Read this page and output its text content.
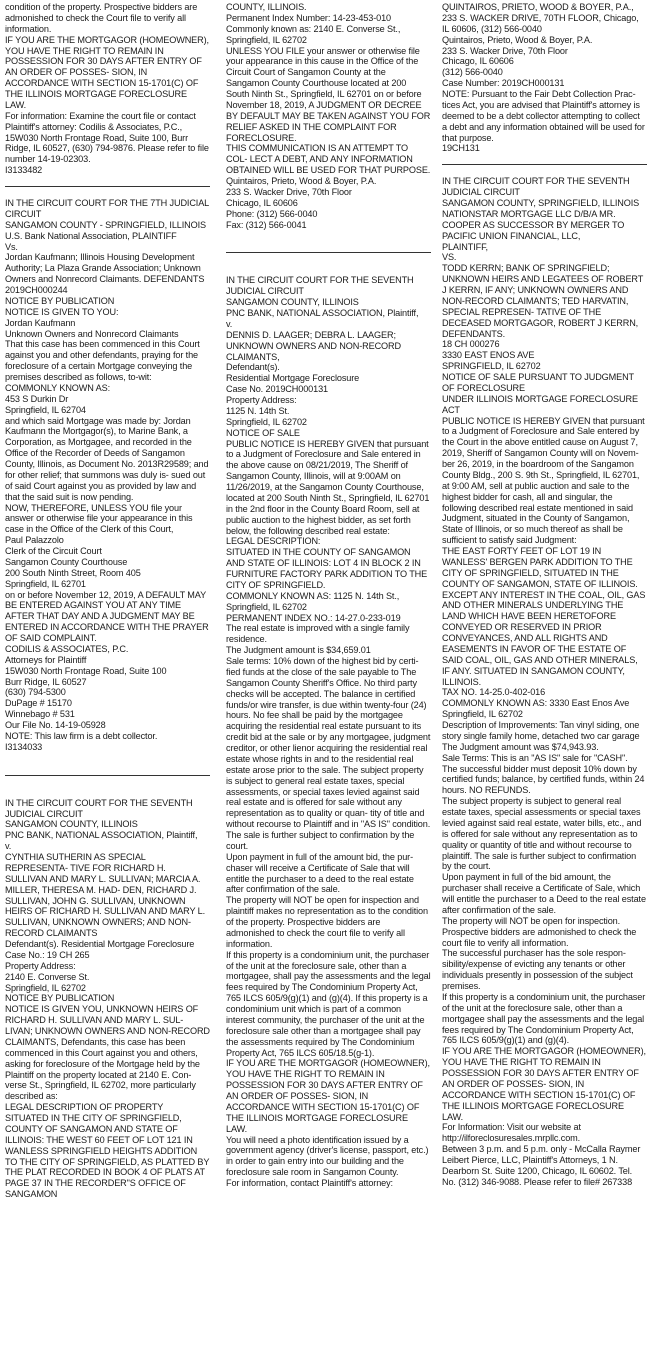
condition of the property. Prospective bidders are admonished to check the Court file to verify all information.

IF YOU ARE THE MORTGAGOR (HOMEOWNER), YOU HAVE THE RIGHT TO REMAIN IN POSSESSION FOR 30 DAYS AFTER ENTRY OF AN ORDER OF POSSES- SION, IN ACCORDANCE WITH SECTION 15-1701(C) OF THE ILLINOIS MORTGAGE FORECLOSURE LAW.

For information: Examine the court file or contact Plaintiff's attorney: Codilis & Associates, P.C., 15W030 North Frontage Road, Suite 100, Burr Ridge, IL 60527, (630) 794-9876. Please refer to file number 14-19-02303.

I3133482

IN THE CIRCUIT COURT FOR THE 7TH JUDICIAL CIRCUIT

SANGAMON COUNTY - SPRINGFIELD, ILLINOIS

U.S. Bank National Association, PLAINTIFF

Vs.

Jordan Kaufmann; Illinois Housing Development Authority; La Plaza Grande Association; Unknown Owners and Nonrecord Claimants. DEFENDANTS

2019CH000244

NOTICE BY PUBLICATION

NOTICE IS GIVEN TO YOU:

Jordan Kaufmann

Unknown Owners and Nonrecord Claimants

That this case has been commenced in this Court against you and other defendants, praying for the foreclosure of a certain Mortgage conveying the premises described as follows, to-wit:

COMMONLY KNOWN AS:

453 S Durkin Dr

Springfield, IL 62704

and which said Mortgage was made by: Jordan Kaufmann the Mortgagor(s), to Marine Bank, a Corporation, as Mortgagee, and recorded in the Office of the Recorder of Deeds of Sangamon County, Illinois, as Document No. 2013R29589; and for other relief; that summons was duly is- sued out of said Court against you as provided by law and that the said suit is now pending.

NOW, THEREFORE, UNLESS YOU file your answer or otherwise file your appearance in this case in the Office of the Clerk of this Court,

Paul Palazzolo

Clerk of the Circuit Court

Sangamon County Courthouse

200 South Ninth Street, Room 405

Springfield, IL 62701

on or before November 12, 2019, A DEFAULT MAY BE ENTERED AGAINST YOU AT ANY TIME AFTER THAT DAY AND A JUDGMENT MAY BE ENTERED IN ACCORDANCE WITH THE PRAYER OF SAID COMPLAINT.

CODILIS & ASSOCIATES, P.C.

Attorneys for Plaintiff

15W030 North Frontage Road, Suite 100

Burr Ridge, IL 60527

(630) 794-5300

DuPage # 15170

Winnebago # 531

Our File No. 14-19-05928

NOTE: This law firm is a debt collector.

I3134033

IN THE CIRCUIT COURT FOR THE SEVENTH JUDICIAL CIRCUIT

SANGAMON COUNTY, ILLINOIS

PNC BANK, NATIONAL ASSOCIATION, Plaintiff,

v.

CYNTHIA SUTHERIN AS SPECIAL REPRESENTA- TIVE FOR RICHARD H. SULLIVAN AND MARY L. SULLIVAN; MARCIA A. MILLER, THERESA M. HAD- DEN, RICHARD J. SULLIVAN, JOHN G. SULLIVAN, UNKNOWN HEIRS OF RICHARD H. SULLIVAN AND MARY L. SULLIVAN, UNKNOWN OWNERS; AND NON-RECORD CLAIMANTS

Defendant(s). Residential Mortgage Foreclosure

Case No.: 19 CH 265

Property Address:

2140 E. Converse St.

Springfield, IL 62702

NOTICE BY PUBLICATION

NOTICE IS GIVEN YOU, UNKNOWN HEIRS OF RICHARD H. SULLIVAN AND MARY L. SUL- LIVAN; UNKNOWN OWNERS AND NON-RECORD CLAIMANTS, Defendants, this case has been commenced in this Court against you and others, asking for foreclosure of the Mortgage held by the Plaintiff on the property located at 2140 E. Con- verse St., Springfield, IL 62702, more particularly described as:

LEGAL DESCRIPTION OF PROPERTY

SITUATED IN THE CITY OF SPRINGFIELD, COUNTY OF SANGAMON AND STATE OF ILLINOIS: THE WEST 60 FEET OF LOT 121 IN WANLESS SPRINGFIELD HEIGHTS ADDITION TO THE CITY OF SPRINGFIELD, AS PLATTED BY THE PLAT RECORDED IN BOOK 4 OF PLATS AT PAGE 37 IN THE RECORDER"S OFFICE OF SANGAMON

COUNTY, ILLINOIS.

Permanent Index Number: 14-23-453-010

Commonly known as: 2140 E. Converse St., Springfield, IL 62702

UNLESS YOU FILE your answer or otherwise file your appearance in this cause in the Office of the Circuit Court of Sangamon County at the Sangamon County Courthouse located at 200 South Ninth St., Springfield, IL 62701 on or before November 18, 2019, A JUDGMENT OR DECREE BY DEFAULT MAY BE TAKEN AGAINST YOU FOR RELIEF ASKED IN THE COMPLAINT FOR FORECLOSURE.

THIS COMMUNICATION IS AN ATTEMPT TO COL- LECT A DEBT, AND ANY INFORMATION OBTAINED WILL BE USED FOR THAT PURPOSE.

Quintairos, Prieto, Wood & Boyer, P.A.

233 S. Wacker Drive, 70th Floor

Chicago, IL 60606

Phone: (312) 566-0040

Fax: (312) 566-0041

IN THE CIRCUIT COURT FOR THE SEVENTH JUDICIAL CIRCUIT

SANGAMON COUNTY, ILLINOIS

PNC BANK, NATIONAL ASSOCIATION, Plaintiff,

v.

DENNIS D. LAAGER; DEBRA L. LAAGER; UNKNOWN OWNERS AND NON-RECORD CLAIMANTS,

Defendant(s).

Residential Mortgage Foreclosure

Case No. 2019CH000131

Property Address:

1125 N. 14th St.

Springfield, IL 62702

NOTICE OF SALE

PUBLIC NOTICE IS HEREBY GIVEN that pursuant to a Judgment of Foreclosure and Sale entered in the above cause on 08/21/2019, The Sheriff of Sangamon County, Illinois, will at 9:00AM on 11/26/2019, at the Sangamon County Courthouse, located at 200 South Ninth St., Springfield, IL 62701 in the 2nd floor in the County Board Room, sell at public auction to the highest bidder, as set forth below, the following described real estate:

LEGAL DESCRIPTION:

SITUATED IN THE COUNTY OF SANGAMON AND STATE OF ILLINOIS: LOT 4 IN BLOCK 2 IN FURNITURE FACTORY PARK ADDITION TO THE CITY OF SPRINGFIELD.

COMMONLY KNOWN AS: 1125 N. 14th St., Springfield, IL 62702

PERMANENT INDEX NO.: 14-27.0-233-019

The real estate is improved with a single family residence.

The Judgment amount is $34,659.01

Sale terms: 10% down of the highest bid by certi- fied funds at the close of the sale payable to The Sangamon County Sheriff's Office. No third party checks will be accepted. The balance in certified funds/or wire transfer, is due within twenty-four (24) hours. No fee shall be paid by the mortgagee acquiring the residential real estate pursuant to its credit bid at the sale or by any mortgagee, judgment creditor, or other lienor acquiring the residential real estate whose rights in and to the residential real estate arose prior to the sale. The subject property is subject to general real estate taxes, special assessments, or special taxes levied against said real estate and is offered for sale without any representation as to quality or quan- tity of title and without recourse to Plaintiff and in "AS IS" condition. The sale is further subject to confirmation by the court.

Upon payment in full of the amount bid, the pur- chaser will receive a Certificate of Sale that will entitle the purchaser to a deed to the real estate after confirmation of the sale.

The property will NOT be open for inspection and plaintiff makes no representation as to the condition of the property. Prospective bidders are admonished to check the court file to verify all information.

If this property is a condominium unit, the purchaser of the unit at the foreclosure sale, other than a mortgagee, shall pay the assessments and the legal fees required by The Condominium Property Act, 765 ILCS 605/9(g)(1) and (g)(4). If this property is a condominium unit which is part of a common interest community, the purchaser of the unit at the foreclosure sale other than a mortgagee shall pay the assessments required by The Condominium Property Act, 765 ILCS 605/18.5(g-1).

IF YOU ARE THE MORTGAGOR (HOMEOWNER), YOU HAVE THE RIGHT TO REMAIN IN POSSESSION FOR 30 DAYS AFTER ENTRY OF AN ORDER OF POSSES- SION, IN ACCORDANCE WITH SECTION 15-1701(C) OF THE ILLINOIS MORTGAGE FORECLOSURE LAW.

You will need a photo identification issued by a government agency (driver's license, passport, etc.) in order to gain entry into our building and the foreclosure sale room in Sangamon County.

For information, contact Plaintiff's attorney:

QUINTAIROS, PRIETO, WOOD & BOYER, P.A., 233 S. WACKER DRIVE, 70TH FLOOR, Chicago, IL 60606, (312) 566-0040

Quintairos, Prieto, Wood & Boyer, P.A.

233 S. Wacker Drive, 70th Floor

Chicago, IL 60606

(312) 566-0040

Case Number: 2019CH000131

NOTE: Pursuant to the Fair Debt Collection Prac- tices Act, you are advised that Plaintiff's attorney is deemed to be a debt collector attempting to collect a debt and any information obtained will be used for that purpose.

19CH131

IN THE CIRCUIT COURT FOR THE SEVENTH JUDICIAL CIRCUIT

SANGAMON COUNTY, SPRINGFIELD, ILLINOIS

NATIONSTAR MORTGAGE LLC D/B/A MR. COOPER AS SUCCESSOR BY MERGER TO PACIFIC UNION FINANCIAL, LLC,

PLAINTIFF,

VS.

TODD KERRN; BANK OF SPRINGFIELD; UNKNOWN HEIRS AND LEGATEES OF ROBERT J KERRN, IF ANY; UNKNOWN OWNERS AND NON-RECORD CLAIMANTS; TED HARVATIN, SPECIAL REPRESEN- TATIVE OF THE DECEASED MORTGAGOR, ROBERT J KERRN,

DEFENDANTS.

18 CH 000276

3330 EAST ENOS AVE

SPRINGFIELD, IL 62702

NOTICE OF SALE PURSUANT TO JUDGMENT OF FORECLOSURE

UNDER ILLINOIS MORTGAGE FORECLOSURE ACT

PUBLIC NOTICE IS HEREBY GIVEN that pursuant to a Judgment of Foreclosure and Sale entered by the Court in the above entitled cause on August 7, 2019, Sheriff of Sangamon County will on Novem- ber 26, 2019, in the boardroom of the Sangamon County Bldg., 200 S. 9th St., Springfield, IL 62701, at 9:00 AM, sell at public auction and sale to the highest bidder for cash, all and singular, the following described real estate mentioned in said Judgment, situated in the County of Sangamon, State of Illinois, or so much thereof as shall be sufficient to satisfy said Judgment:

THE EAST FORTY FEET OF LOT 19 IN WANLESS' BERGEN PARK ADDITION TO THE CITY OF SPRINGFIELD, SITUATED IN THE COUNTY OF SANGAMON, STATE OF ILLINOIS. EXCEPT ANY INTEREST IN THE COAL, OIL, GAS AND OTHER MINERALS UNDERLYING THE LAND WHICH HAVE BEEN HERETOFORE CONVEYED OR RESERVED IN PRIOR CONVEYANCES, AND ALL RIGHTS AND EASEMENTS IN FAVOR OF THE ESTATE OF SAID COAL, OIL, GAS AND OTHER MINERALS, IF ANY. SITUATED IN SANGAMON COUNTY, ILLINOIS.

TAX NO. 14-25.0-402-016

COMMONLY KNOWN AS: 3330 East Enos Ave Springfield, IL 62702

Description of Improvements: Tan vinyl siding, one story single family home, detached two car garage

The Judgment amount was $74,943.93.

Sale Terms: This is an "AS IS" sale for "CASH".

The successful bidder must deposit 10% down by certified funds; balance, by certified funds, within 24 hours. NO REFUNDS.

The subject property is subject to general real estate taxes, special assessments or special taxes levied against said real estate, water bills, etc., and is offered for sale without any representation as to quality or quantity of title and without recourse to plaintiff. The sale is further subject to confirmation by the court.

Upon payment in full of the bid amount, the purchaser shall receive a Certificate of Sale, which will entitle the purchaser to a Deed to the real estate after confirmation of the sale.

The property will NOT be open for inspection. Prospective bidders are admonished to check the court file to verify all information.

The successful purchaser has the sole respon- sibility/expense of evicting any tenants or other individuals presently in possession of the subject premises.

If this property is a condominium unit, the purchaser of the unit at the foreclosure sale, other than a mortgagee shall pay the assessments and the legal fees required by The Condominium Property Act, 765 ILCS 605/9(g)(1) and (g)(4).

IF YOU ARE THE MORTGAGOR (HOMEOWNER), YOU HAVE THE RIGHT TO REMAIN IN POSSESSION FOR 30 DAYS AFTER ENTRY OF AN ORDER OF POSSES- SION, IN ACCORDANCE WITH SECTION 15-1701(C) OF THE ILLINOIS MORTGAGE FORECLOSURE LAW.

For Information: Visit our website at http://ilforeclosuresales.mrpllc.com.

Between 3 p.m. and 5 p.m. only - McCalla Raymer Leibert Pierce, LLC, Plaintiff's Attorneys, 1 N. Dearborn St. Suite 1200, Chicago, IL 60602. Tel. No. (312) 346-9088. Please refer to file# 267338
